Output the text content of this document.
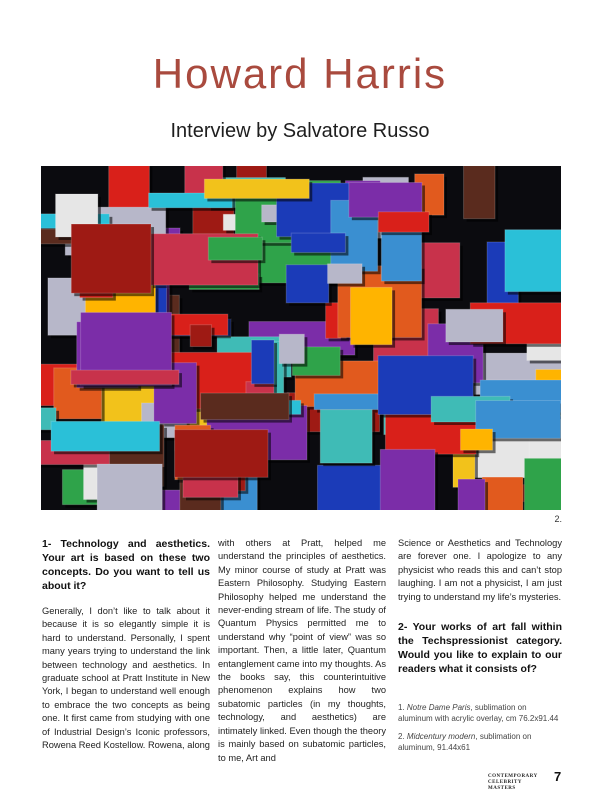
Howard Harris
Interview by Salvatore Russo
2.

1- Technology and aesthetics. Your art is based on these two concepts. Do you want to tell us about it?

Generally, I don’t like to talk about it because it is so elegantly simple it is hard to understand. Personally, I spent many years trying to understand the link between technology and aesthetics. In graduate school at Pratt Institute in New York, I began to understand well enough to embrace the two concepts as being one. It first came from studying with one of Industrial Design’s Iconic professors, Rowena Reed Kostellow. Rowena, along

with others at Pratt, helped me understand the principles of aesthetics. My minor course of study at Pratt was Eastern Philosophy. Studying Eastern Philosophy helped me understand the never-ending stream of life. The study of Quantum Physics permitted me to understand why “point of view” was so important. Then, a little later, Quantum entanglement came into my thoughts. As the books say, this counterintuitive phenomenon explains how two subatomic particles (in my thoughts, technology, and aesthetics) are intimately linked. Even though the theory is mainly based on subatomic particles, to me, Art and

Science or Aesthetics and Technology are forever one. I apologize to any physicist who reads this and can’t stop laughing. I am not a physicist, I am just trying to understand my life’s mysteries.

2- Your works of art fall within the Techspressionist category. Would you like to explain to our readers what it consists of?

1. Notre Dame Paris, sublimation on aluminum with acrylic overlay, cm 76.2x91.44

2. Midcentury modern, sublimation on aluminum, 91.44x61

CONTEMPORARY
CELEBRITY MASTERS
7
